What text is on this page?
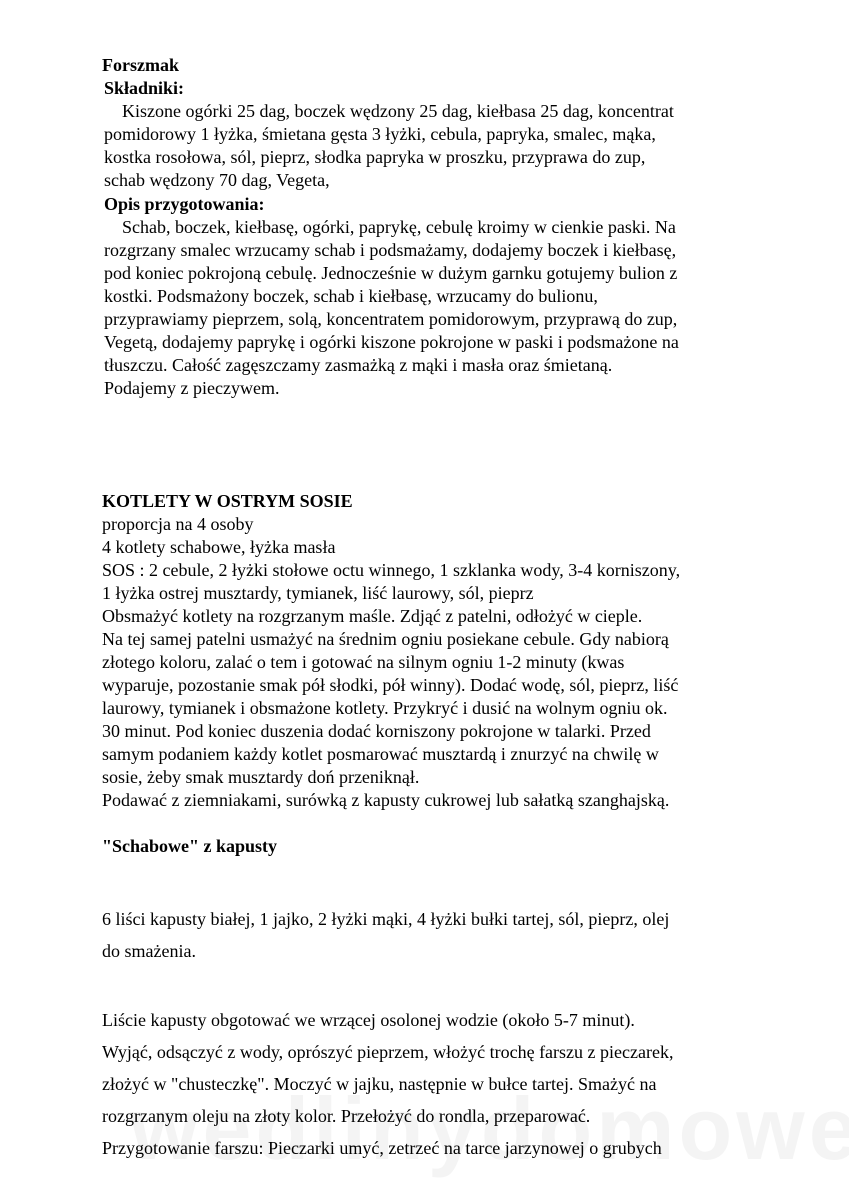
Forszmak
Składniki:
Kiszone ogórki 25 dag, boczek wędzony 25 dag, kiełbasa 25 dag, koncentrat
pomidorowy 1 łyżka, śmietana gęsta 3 łyżki, cebula, papryka, smalec, mąka,
kostka rosołowa, sól, pieprz, słodka papryka w proszku, przyprawa do zup,
schab wędzony 70 dag, Vegeta,
Opis przygotowania:
Schab, boczek, kiełbasę, ogórki, paprykę, cebulę kroimy w cienkie paski. Na
rozgrzany smalec wrzucamy schab i podsmażamy, dodajemy boczek i kiełbasę,
pod koniec pokrojoną cebulę. Jednocześnie w dużym garnku gotujemy bulion z
kostki. Podsmażony boczek, schab i kiełbasę, wrzucamy do bulionu,
przyprawiamy pieprzem, solą, koncentratem pomidorowym, przyprawą do zup,
Vegetą, dodajemy paprykę i ogórki kiszone pokrojone w paski i podsmażone na
tłuszczu. Całość zagęszczamy zasmażką z mąki i masła oraz śmietaną.
Podajemy z pieczywem.
KOTLETY W OSTRYM SOSIE
proporcja na 4 osoby
4 kotlety schabowe, łyżka masła
SOS : 2 cebule, 2 łyżki stołowe octu winnego, 1 szklanka wody, 3-4 korniszony,
1 łyżka ostrej musztardy, tymianek, liść laurowy, sól, pieprz
Obsmażyć kotlety na rozgrzanym maśle. Zdjąć z patelni, odłożyć w cieple.
Na tej samej patelni usmażyć na średnim ogniu posiekane cebule. Gdy nabiorą
złotego koloru, zalać o tem i gotować na silnym ogniu 1-2 minuty (kwas
wyparuje, pozostanie smak pół słodki, pół winny). Dodać wodę, sól, pieprz, liść
laurowy, tymianek i obsmażone kotlety. Przykryć i dusić na wolnym ogniu ok.
30 minut. Pod koniec duszenia dodać korniszony pokrojone w talarki. Przed
samym podaniem każdy kotlet posmarować musztardą i znurzyć na chwilę w
sosie, żeby smak musztardy doń przeniknął.
Podawać z ziemniakami, surówką z kapusty cukrowej lub sałatką szanghajską.
"Schabowe" z kapusty
6 liści kapusty białej, 1 jajko, 2 łyżki mąki, 4 łyżki bułki tartej, sól, pieprz, olej
do smażenia.
Liście kapusty obgotować we wrzącej osolonej wodzie (około 5-7 minut).
Wyjąć, odsączyć z wody, oprószyć pieprzem, włożyć trochę farszu z pieczarek,
złożyć w "chusteczkę". Moczyć w jajku, następnie w bułce tartej. Smażyć na
rozgrzanym oleju na złoty kolor. Przełożyć do rondla, przeparować.
Przygotowanie farszu: Pieczarki umyć, zetrzeć na tarce jarzynowej o grubych
